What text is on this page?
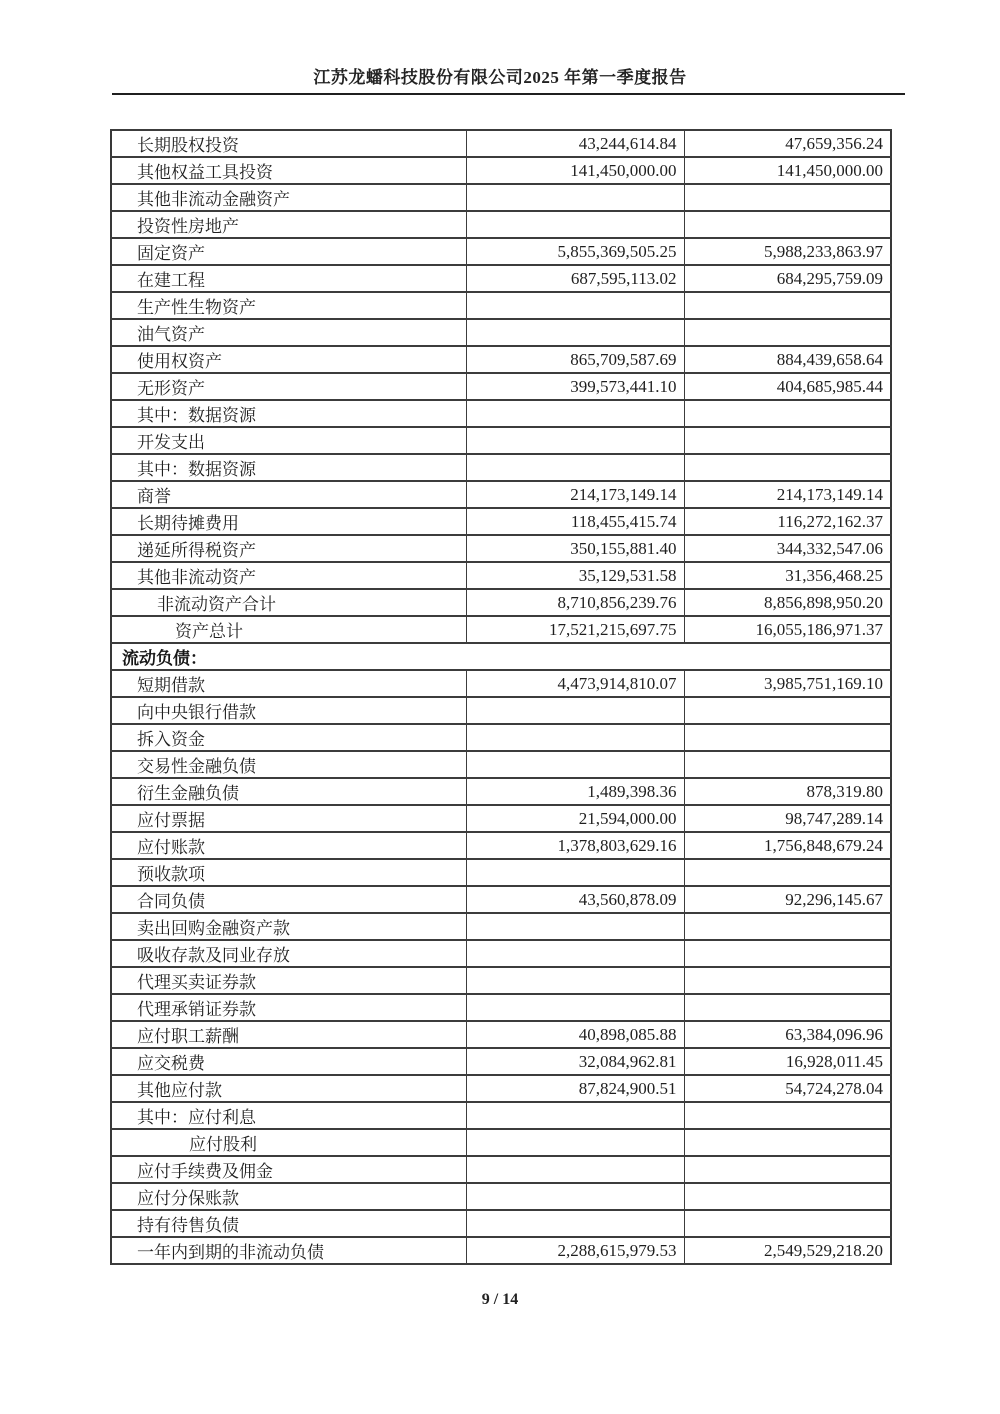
江苏龙蟠科技股份有限公司2025 年第一季度报告
长期股权投资	43,244,614.84	47,659,356.24
其他权益工具投资	141,450,000.00	141,450,000.00
其他非流动金融资产		
投资性房地产		
固定资产	5,855,369,505.25	5,988,233,863.97
在建工程	687,595,113.02	684,295,759.09
生产性生物资产		
油气资产		
使用权资产	865,709,587.69	884,439,658.64
无形资产	399,573,441.10	404,685,985.44
其中：数据资源		
开发支出		
其中：数据资源		
商誉	214,173,149.14	214,173,149.14
长期待摊费用	118,455,415.74	116,272,162.37
递延所得税资产	350,155,881.40	344,332,547.06
其他非流动资产	35,129,531.58	31,356,468.25
非流动资产合计	8,710,856,239.76	8,856,898,950.20
资产总计	17,521,215,697.75	16,055,186,971.37
流动负债：		
短期借款	4,473,914,810.07	3,985,751,169.10
向中央银行借款		
拆入资金		
交易性金融负债		
衍生金融负债	1,489,398.36	878,319.80
应付票据	21,594,000.00	98,747,289.14
应付账款	1,378,803,629.16	1,756,848,679.24
预收款项		
合同负债	43,560,878.09	92,296,145.67
卖出回购金融资产款		
吸收存款及同业存放		
代理买卖证券款		
代理承销证券款		
应付职工薪酬	40,898,085.88	63,384,096.96
应交税费	32,084,962.81	16,928,011.45
其他应付款	87,824,900.51	54,724,278.04
其中：应付利息		
应付股利		
应付手续费及佣金		
应付分保账款		
持有待售负债		
一年内到期的非流动负债	2,288,615,979.53	2,549,529,218.20
9 / 14
